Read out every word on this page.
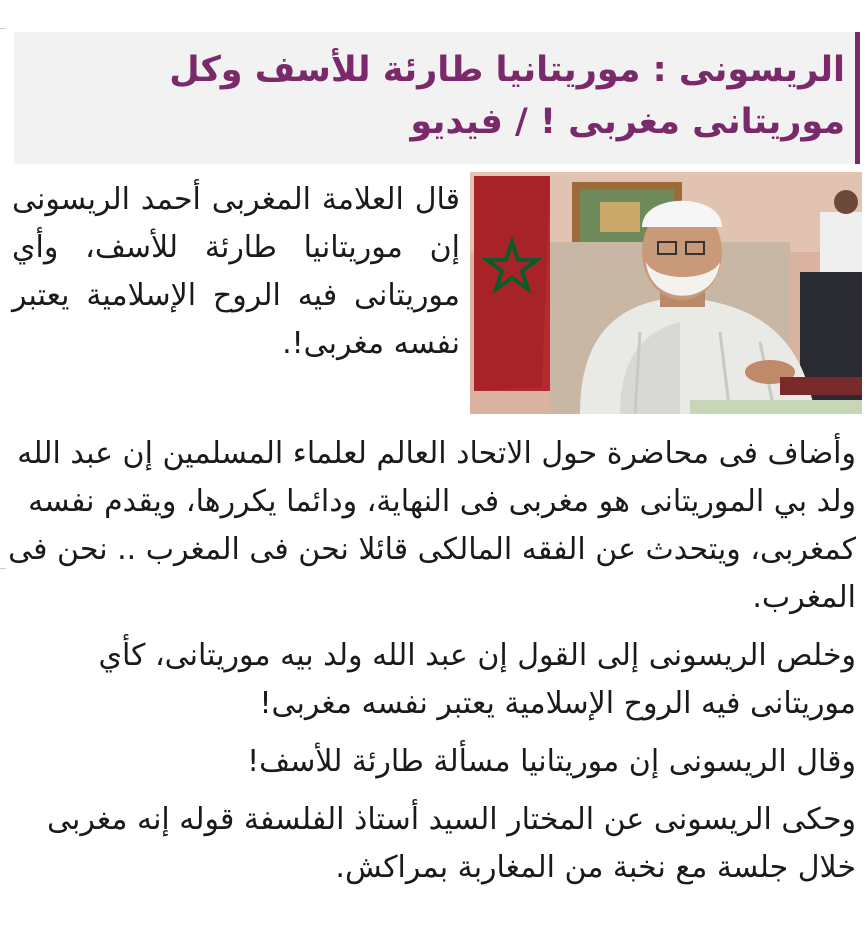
الريسونى : موريتانيا طارئة للأسف وكل موريتانى مغربى ! / فيديو

قال العلامة المغربى أحمد الريسونى إن موريتانيا طارئة للأسف، وأي موريتانى فيه الروح الإسلامية يعتبر نفسه مغربى!.

وأضاف فى محاضرة حول الاتحاد العالم لعلماء المسلمين إن عبد الله ولد بي الموريتانى هو مغربى فى النهاية، ودائما يكررها، ويقدم نفسه كمغربى، ويتحدث عن الفقه المالكى قائلا نحن فى المغرب .. نحن فى المغرب.

وخلص الريسونى إلى القول إن عبد الله ولد بيه موريتانى، كأي موريتانى فيه الروح الإسلامية يعتبر نفسه مغربى!

وقال الريسونى إن موريتانيا مسألة طارئة للأسف!

وحكى الريسونى عن المختار السيد أستاذ الفلسفة قوله إنه مغربى خلال جلسة مع نخبة من المغاربة بمراكش.
